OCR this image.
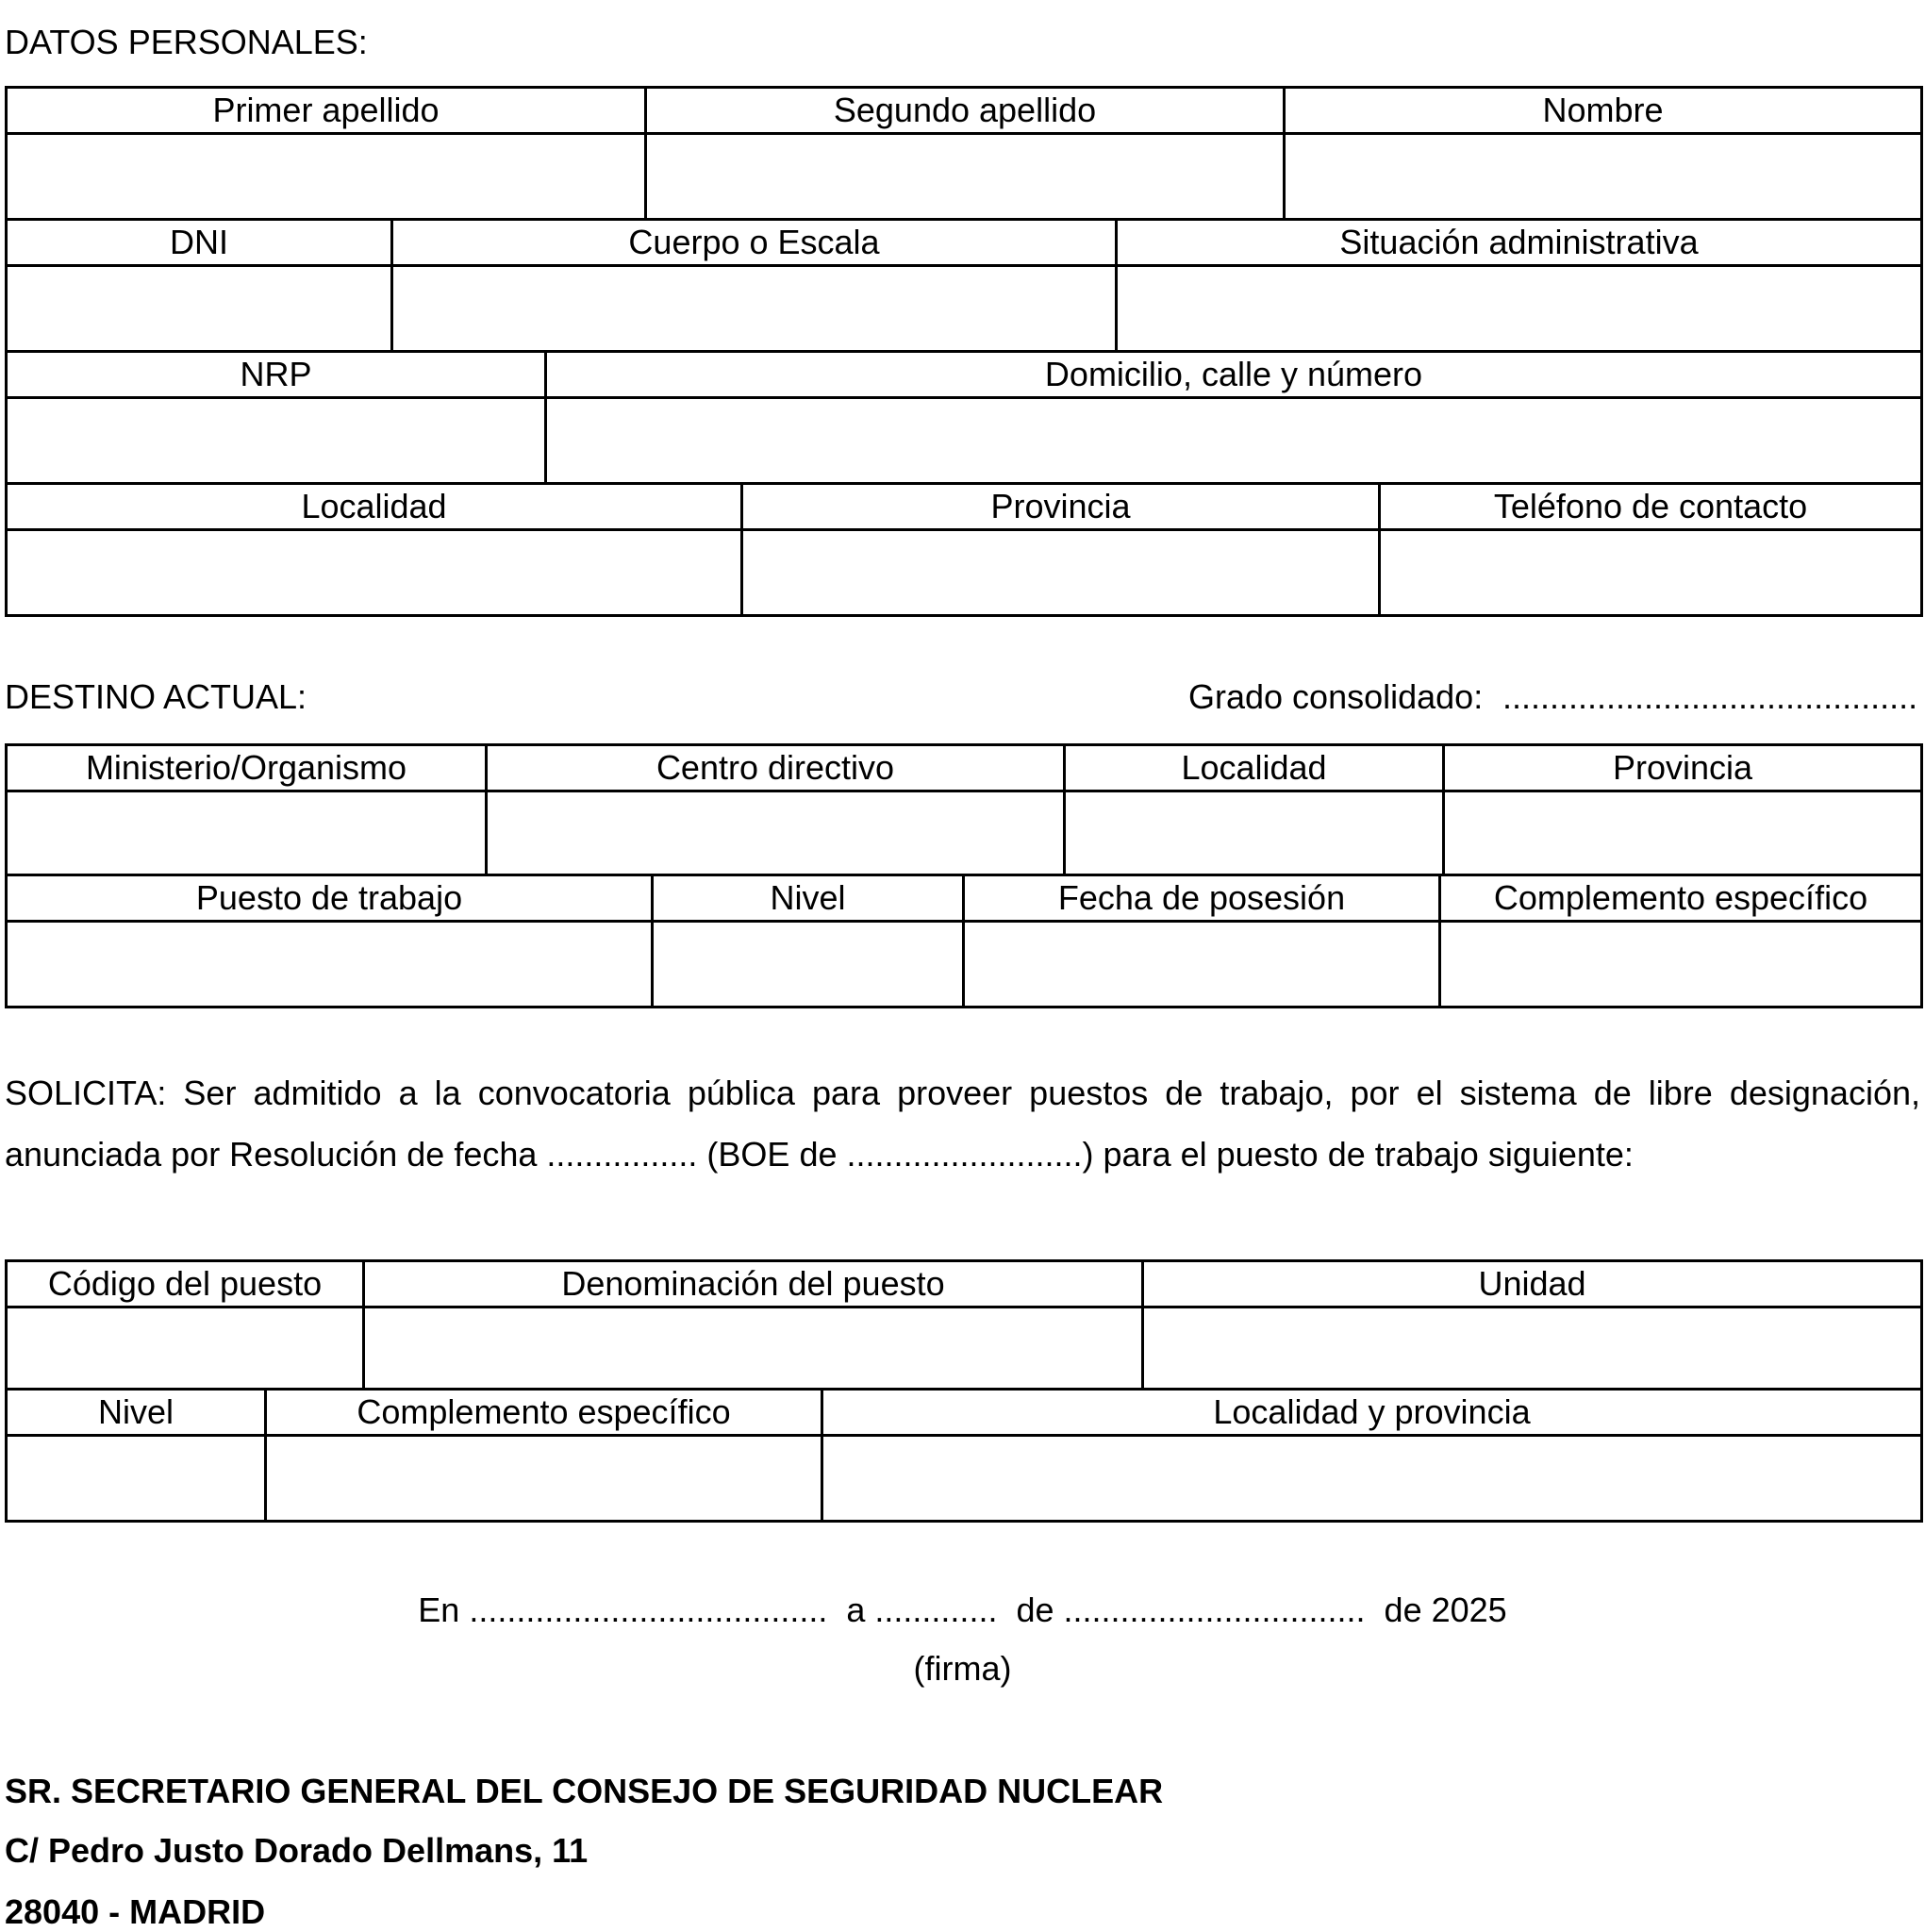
DATOS PERSONALES:
Primer apellido	Segundo apellido	Nombre

DNI	Cuerpo o Escala	Situación administrativa

NRP	Domicilio, calle y número

Localidad	Provincia	Teléfono de contacto

DESTINO ACTUAL:	Grado consolidado: ............................................
Ministerio/Organismo	Centro directivo	Localidad	Provincia

Puesto de trabajo	Nivel	Fecha de posesión	Complemento específico

SOLICITA: Ser admitido a la convocatoria pública para proveer puestos de trabajo, por el sistema de libre designación,
anunciada por Resolución de fecha ................ (BOE de .........................) para el puesto de trabajo siguiente:
Código del puesto	Denominación del puesto	Unidad

Nivel	Complemento específico	Localidad y provincia

En ......................................  a .............  de ................................  de 2025
(firma)
SR. SECRETARIO GENERAL DEL CONSEJO DE SEGURIDAD NUCLEAR
C/ Pedro Justo Dorado Dellmans, 11
28040 - MADRID
